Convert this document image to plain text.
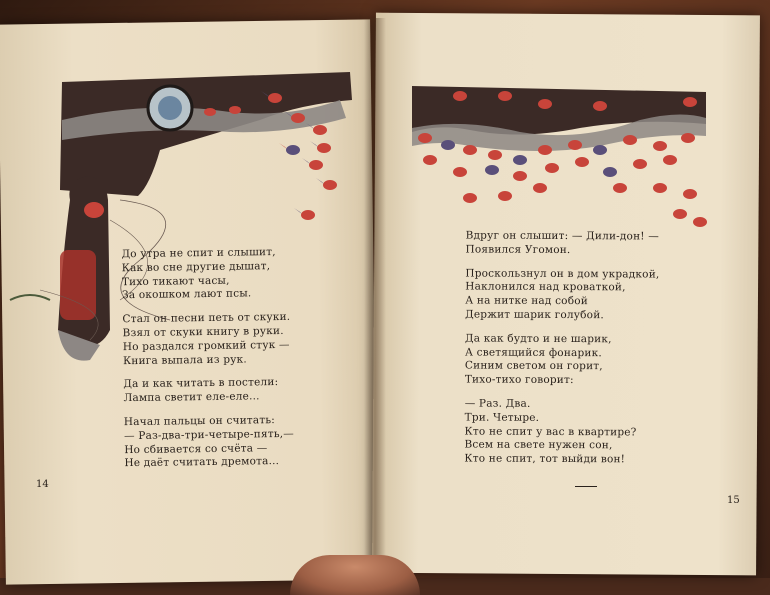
До утра не спит и слышит,
Как во сне другие дышат,
Тихо тикают часы,
За окошком лают псы.
Стал он песни петь от скуки.
Взял от скуки книгу в руки.
Но раздался громкий стук —
Книга выпала из рук.
Да и как читать в постели:
Лампа светит еле-еле...
Начал пальцы он считать:
— Раз-два-три-четыре-пять,—
Но сбивается со счёта —
Не даёт считать дремота...
Вдруг он слышит: — Дили-дон! —
Появился Угомон.
Проскользнул он в дом украдкой,
Наклонился над кроваткой,
А на нитке над собой
Держит шарик голубой.
Да как будто и не шарик,
А светящийся фонарик.
Синим светом он горит,
Тихо-тихо говорит:
— Раз. Два.
Три. Четыре.
Кто не спит у вас в квартире?
Всем на свете нужен сон,
Кто не спит, тот выйди вон!
14
15
